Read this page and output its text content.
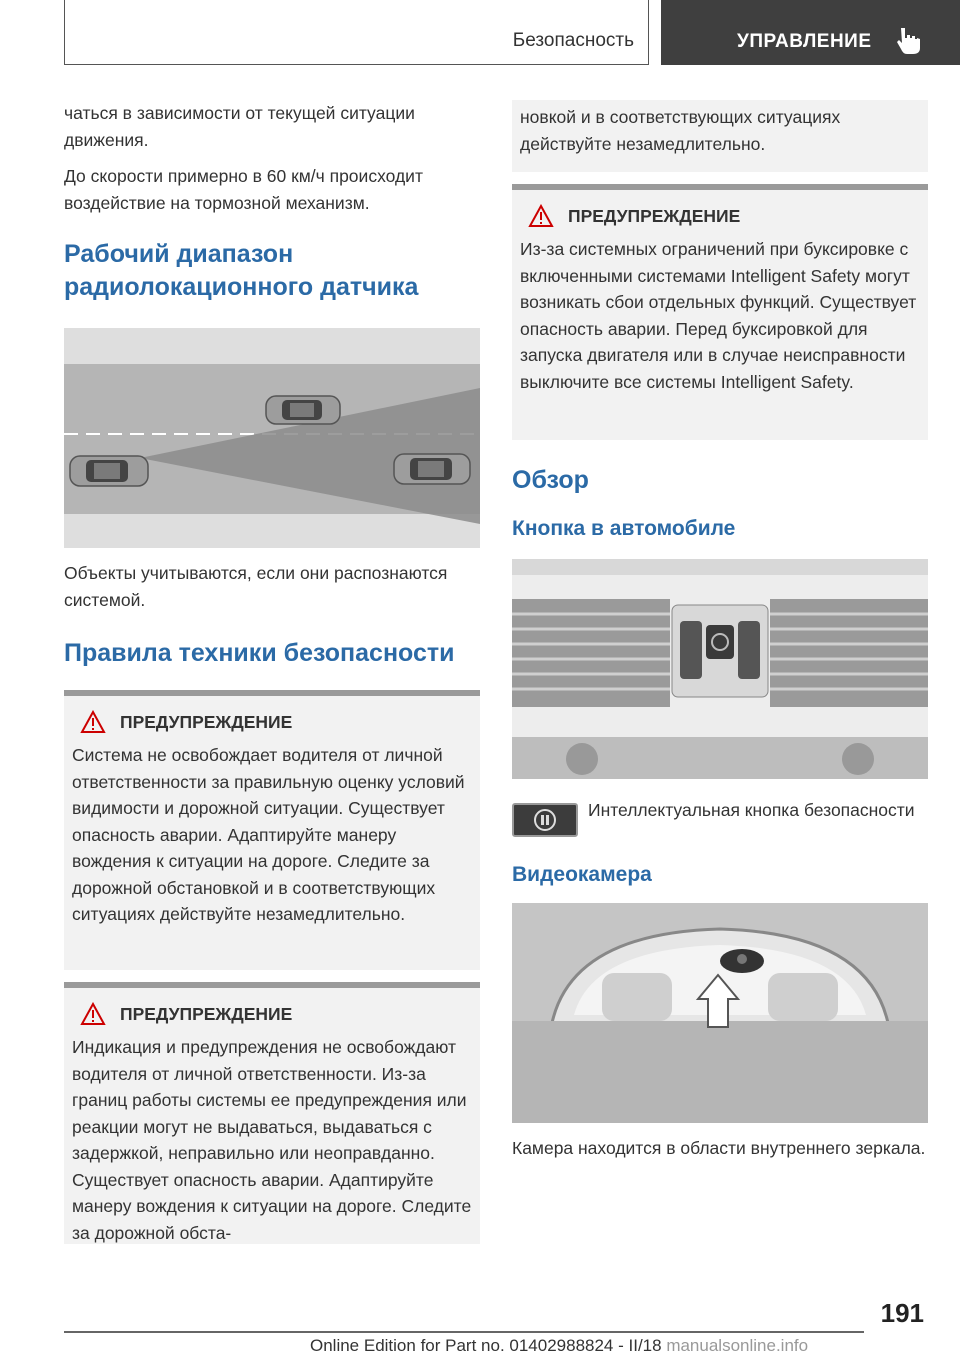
Безопасность	УПРАВЛЕНИЕ

чаться в зависимости от текущей ситуации движения.

До скорости примерно в 60 км/ч происходит воздействие на тормозной механизм.

Рабочий диапазон радиолокационного датчика

Объекты учитываются, если они распознаются системой.

Правила техники безопасности
ПРЕДУПРЕЖДЕНИЕ

Система не освобождает водителя от личной ответственности за правильную оценку условий видимости и дорожной ситуации. Существует опасность аварии. Адаптируйте манеру вождения к ситуации на дороге. Следите за дорожной обстановкой и в соответствующих ситуациях действуйте незамедлительно.

ПРЕДУПРЕЖДЕНИЕ

Индикация и предупреждения не освобождают водителя от личной ответственности. Из-за границ работы системы ее предупреждения или реакции могут не выдаваться, выдаваться с задержкой, неправильно или неоправданно. Существует опасность аварии. Адаптируйте манеру вождения к ситуации на дороге. Следите за дорожной обста-

новкой и в соответствующих ситуациях действуйте незамедлительно.

ПРЕДУПРЕЖДЕНИЕ

Из-за системных ограничений при буксировке с включенными системами Intelligent Safety могут возникать сбои отдельных функций. Существует опасность аварии. Перед буксировкой для запуска двигателя или в случае неисправности выключите все системы Intelligent Safety.

Обзор
Кнопка в автомобиле

Интеллектуальная кнопка безопасности

Видеокамера

Камера находится в области внутреннего зеркала.

191
Online Edition for Part no. 01402988824 - II/18 manualsonline.info
